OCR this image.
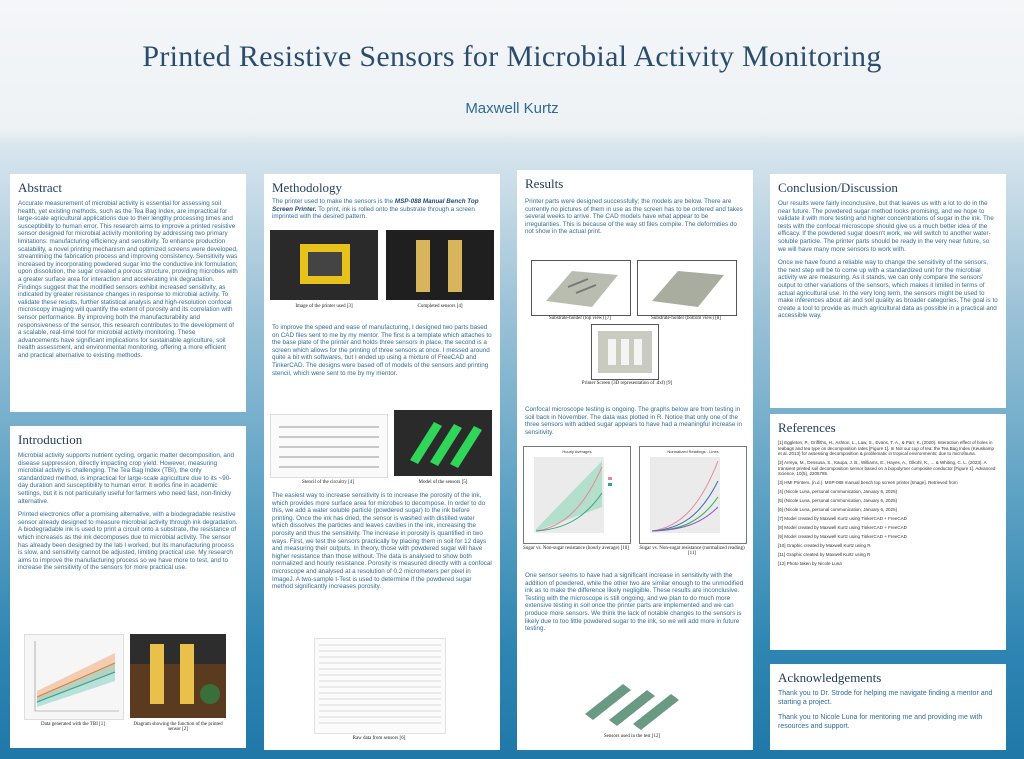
Printed Resistive Sensors for Microbial Activity Monitoring
Maxwell Kurtz
Abstract
Accurate measurement of microbial activity is essential for assessing soil health, yet existing methods, such as the Tea Bag Index, are impractical for large-scale agricultural applications due to their lengthy processing times and susceptibility to human error. This research aims to improve a printed resistive sensor designed for microbial activity monitoring by addressing two primary limitations: manufacturing efficiency and sensitivity. To enhance production scalability, a novel printing mechanism and optimized screens were developed, streamlining the fabrication process and improving consistency. Sensitivity was increased by incorporating powdered sugar into the conductive ink formulation; upon dissolution, the sugar created a porous structure, providing microbes with a greater surface area for interaction and accelerating ink degradation. Findings suggest that the modified sensors exhibit increased sensitivity, as indicated by greater resistance changes in response to microbial activity. To validate these results, further statistical analysis and high-resolution confocal microscopy imaging will quantify the extent of porosity and its correlation with sensor performance. By improving both the manufacturability and responsiveness of the sensor, this research contributes to the development of a scalable, real-time tool for microbial activity monitoring. These advancements have significant implications for sustainable agriculture, soil health assessment, and environmental monitoring, offering a more efficient and practical alternative to existing methods.
Introduction

Microbial activity supports nutrient cycling, organic matter decomposition, and disease suppression, directly impacting crop yield. However, measuring microbial activity is challenging. The Tea Bag Index (TBI), the only standardized method, is impractical for large-scale agriculture due to its ~90-day duration and susceptibility to human error. It works fine in academic settings, but it is not particularly useful for farmers who need fast, non-finicky alternative.

Printed electronics offer a promising alternative, with a biodegradable resistive sensor already designed to measure microbial activity through ink degradation. A biodegradable ink is used to print a circuit onto a substrate, the resistance of which increases as the ink decomposes due to microbial activity. The sensor has already been designed by the lab I worked, but its manufacturing process is slow, and sensitivity cannot be adjusted, limiting practical use. My research aims to improve the manufacturing process so we have more to test, and to increase the sensitivity of the sensors for more practical use.

Data generated with the TBI [1]	Diagram showing the function of the printed sensor [2]
Methodology

The printer used to make the sensors is the MSP-088 Manual Bench Top Screen Printer. To print, ink is rolled onto the substrate through a screen imprinted with the desired pattern.

Image of the printer used [3]	Completed sensors [4]
To improve the speed and ease of manufacturing, I designed two parts based on CAD files sent to me by my mentor. The first is a template which attaches to the base plate of the printer and holds three sensors in place, the second is a screen which allows for the printing of three sensors at once. I messed around quite a bit with softwares, but I ended up using a mixture of FreeCAD and TinkerCAD. The designs were based off of models of the sensors and printing stencil, which were sent to me by my mentor.
Stencil of the circuitry [4]	Model of the sensors [5]
The easiest way to increase sensitivity is to increase the porosity of the ink, which provides more surface area for microbes to decompose. In order to do this, we add a water soluble particle (powdered sugar) to the ink before printing. Once the ink has dried, the sensor is washed with distilled water which dissolves the particles and leaves cavities in the ink, increasing the porosity and thus the sensitivity. The increase in porosity is quantified in two ways. First, we test the sensors practically by placing them in soil for 12 days and measuring their outputs. In theory, those with powdered sugar will have higher resistance than those without. The data is analysed to show both normalized and hourly resistance. Porosity is measured directly with a confocal microscope and analysed at a resolution of 0.2 micrometers per pixel in ImageJ. A two-sample t-Test is used to determine if the powdered sugar method significantly increases porosity.
Raw data from sensors [6]
Results
Printer parts were designed successfully; the models are below. There are currently no pictures of them in use as the screen has to be ordered and takes several weeks to arrive. The CAD models have what appear to be irregularities. This is because of the way stl files compile. The deformities do not show in the actual print.
Substrate-holder (top view) [7]	Substrate-holder (bottom view) [8]
Printer Screen (3D representation of .dxf) [9]
Confocal microscope testing is ongoing. The graphs below are from testing in soil back in November. The data was plotted in R. Notice that only one of the three sensors with added sugar appears to have had a meaningful increase in sensitivity.
Hourly Averages	Normalized Readings - Lines
Sugar vs. Non-sugar resistance (hourly average) [10] Sugar vs. Non-sugar resistance (normalized reading) [11]
One sensor seems to have had a significant increase in sensitivity with the addition of powdered, while the other two are similar enough to the unmodified ink as to make the difference likely negligible. These results are inconclusive. Testing with the microscope is still ongoing, and we plan to do much more extensive testing in soil once the printer parts are implemented and we can produce more sensors. We think the lack of notable changes to the sensors is likely due to too little powdered sugar to the ink, so we will add more in future testing.
Sensors used in the test [12]
Conclusion/Discussion

Our results were fairly inconclusive, but that leaves us with a lot to do in the near future. The powdered sugar method looks promising, and we hope to validate it with more testing and higher concentrations of sugar in the ink. The tests with the confocal microscope should give us a much better idea of the efficacy. If the powdered sugar doesn't work, we will switch to another water-soluble particle. The printer parts should be ready in the very near future, so we will have many more sensors to work with.

Once we have found a reliable way to change the sensitivity of the sensors, the next step will be to come up with a standardized unit for the microbial activity we are measuring. As it stands, we can only compare the sensors' output to other variations of the sensors, which makes it limited in terms of actual agricultural use. In the very long term, the sensors might be used to make inferences about air and soil quality as broader categories. The goal is to create a tool to provide as much agricultural data as possible in a practical and accessible way.

References
[1] Eggleton, P., Griffiths, H., Ashton, L., Law, S., Evans, T. A., & Parr, K. (2020). Interaction effect of holes in teabags and tea type on decomposition rates [Figure 1]. In Not our cup of tea: the Tea Bag Index (Keuskamp et al. 2013) for assessing decomposition & problematic in tropical environments; due to microfauna.
[2] Arreya, M., Dessusa, S., Kaupa, J. B., Williams, E., Hayes, A., Olkohl, K., ... & Whiting, C. L. (2023). A transient printed soil decomposition sensor based on a biopolymer composite conductor [Figure 1]. Advanced Science, 10(5), 2205785.
[3] HMI Printers. (n.d.). MSP-088 manual bench top screen printer [Image]. Retrieved from
[4] (Nicole Luna, personal communication, January 6, 2025)
[5] (Nicole Luna, personal communication, January 6, 2025)
[6] (Nicole Luna, personal communication, January 6, 2025)
[7] Model created by Maxwell Kurtz using TinkerCAD + FreeCAD
[8] Model created by Maxwell Kurtz using TinkerCAD + FreeCAD
[9] Model created by Maxwell Kurtz using TinkerCAD + FreeCAD
[10] Graphic created by Maxwell Kurtz using R
[11] Graphic created by Maxwell Kurtz using R
[12] Photo taken by Nicole Luna
Acknowledgements

Thank you to Dr. Strode for helping me navigate finding a mentor and starting a project.

Thank you to Nicole Luna for mentoring me and providing me with resources and support.
